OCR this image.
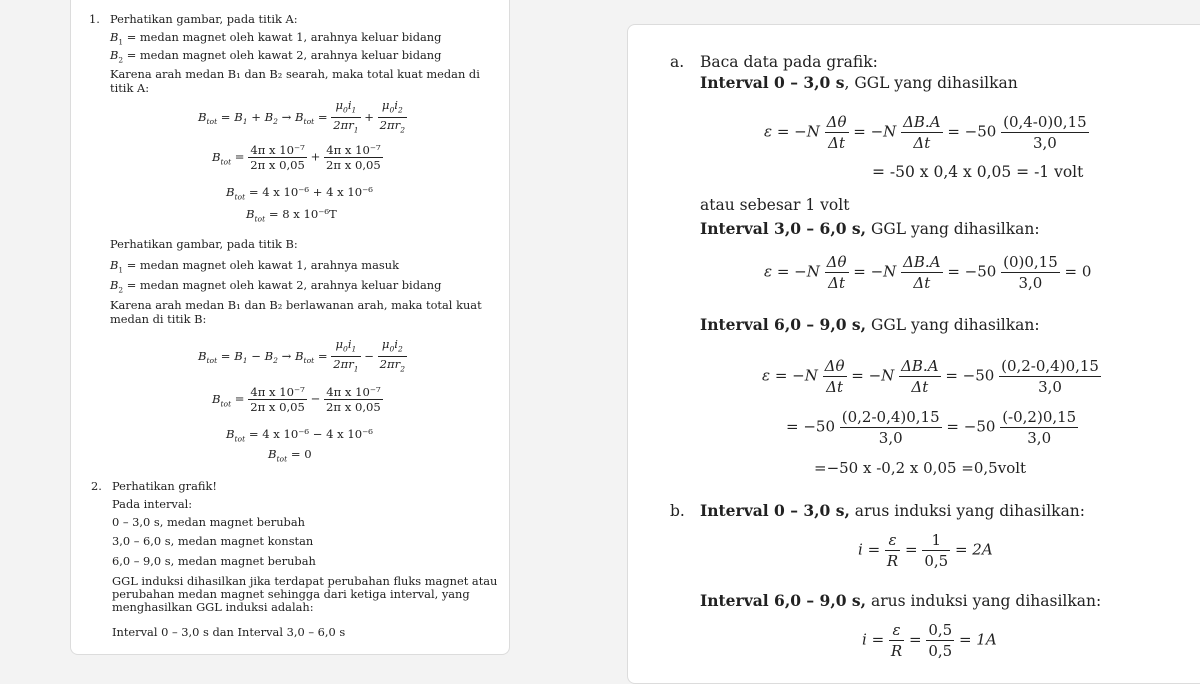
1. Perhatikan gambar, pada titik A:
$B_1$ = medan magnet oleh kawat 1, arahnya keluar bidang
$B_2$ = medan magnet oleh kawat 2, arahnya keluar bidang
Karena arah medan B₁ dan B₂ searah, maka total kuat medan di titik A:
$B_{tot} = B_1 + B_2 \to B_{tot} = \frac{\mu_0i_1}{2\pi r_1} + \frac{\mu_0i_2}{2\pi r_2}$
$B_{tot} = \frac{\text{4π x 10⁻⁷}}{\text{2π x 0,05}} + \frac{\text{4π x 10⁻⁷}}{\text{2π x 0,05}}$
$B_{tot} = 4$ x 10⁻⁶ + 4 x 10⁻⁶
$B_{tot} = 8$ x 10⁻⁶T
Perhatikan gambar, pada titik B:
$B_1$ = medan magnet oleh kawat 1, arahnya masuk
$B_2$ = medan magnet oleh kawat 2, arahnya keluar bidang
Karena arah medan B₁ dan B₂ berlawanan arah, maka total kuat medan di titik B:
$B_{tot} = B_1 - B_2 \to B_{tot} = \frac{\mu_0i_1}{2\pi r_1} - \frac{\mu_0i_2}{2\pi r_2}$
$B_{tot} = \frac{\text{4π x 10⁻⁷}}{\text{2π x 0,05}} - \frac{\text{4π x 10⁻⁷}}{\text{2π x 0,05}}$
$B_{tot} = 4$ x 10⁻⁶ − 4 x 10⁻⁶
$B_{tot} = 0$
2. Perhatikan grafik!
Pada interval:
0 – 3,0 s, medan magnet berubah
3,0 – 6,0 s, medan magnet konstan
6,0 – 9,0 s, medan magnet berubah
GGL induksi dihasilkan jika terdapat perubahan fluks magnet atau perubahan medan magnet sehingga dari ketiga interval, yang menghasilkan GGL induksi adalah:
Interval 0 – 3,0 s dan Interval 3,0 – 6,0 s
a. Baca data pada grafik:
Interval 0 – 3,0 s, GGL yang dihasilkan
$\varepsilon = -N \frac{\Delta\theta}{\Delta t} = -N \frac{\Delta B.A}{\Delta t} = -50 \frac{(0,4-0)0,15}{3,0}$
= -50 x 0,4 x 0,05 = -1 volt
atau sebesar 1 volt
Interval 3,0 – 6,0 s, GGL yang dihasilkan:
$\varepsilon = -N \frac{\Delta\theta}{\Delta t} = -N \frac{\Delta B.A}{\Delta t} = -50 \frac{(0)0,15}{3,0} = 0$
Interval 6,0 – 9,0 s, GGL yang dihasilkan:
$\varepsilon = -N \frac{\Delta\theta}{\Delta t} = -N \frac{\Delta B.A}{\Delta t} = -50 \frac{(0,2-0,4)0,15}{3,0}$
= $-50 \frac{(0,2-0,4)0,15}{3,0} = -50 \frac{(-0,2)0,15}{3,0}$
=−50 x -0,2 x 0,05 =0,5volt
b. Interval 0 – 3,0 s, arus induksi yang dihasilkan:
$i = \frac{\varepsilon}{R} = \frac{1}{0,5} = 2A$
Interval 6,0 – 9,0 s, arus induksi yang dihasilkan:
$i = \frac{\varepsilon}{R} = \frac{0,5}{0,5} = 1A$
